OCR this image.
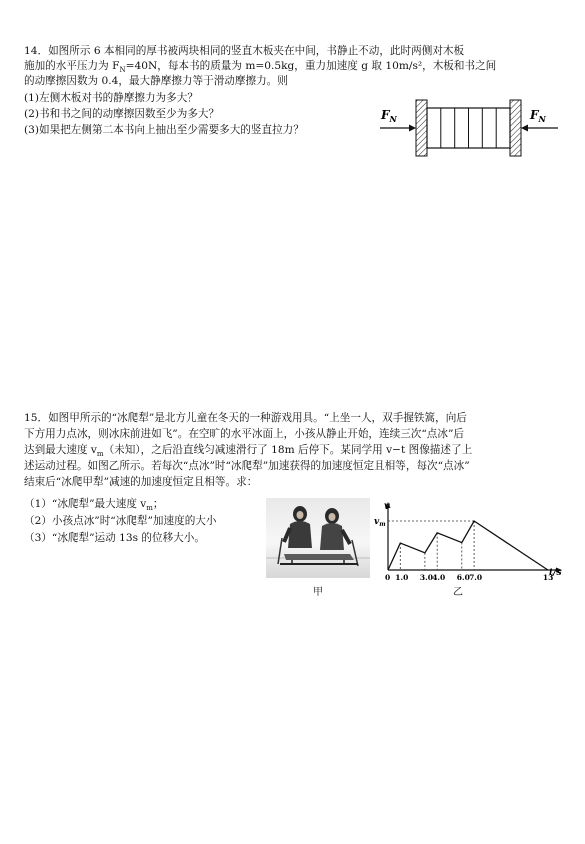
14．如图所示 6 本相同的厚书被两块相同的竖直木板夹在中间，书静止不动，此时两侧对木板
施加的水平压力为 $F_N=40N$，每本书的质量为 m=0.5kg，重力加速度 g 取 10m/s²，木板和书之间
的动摩擦因数为 0.4，最大静摩擦力等于滑动摩擦力。则
(1)左侧木板对书的静摩擦力为多大？
(2)书和书之间的动摩擦因数至少为多大？
(3)如果把左侧第二本书向上抽出至少需要多大的竖直拉力？
$F_N$	$F_N$
15．如图甲所示的“冰爬犁”是北方儿童在冬天的一种游戏用具。“上坐一人，双手握铁篙，向后
下方用力点冰，则冰床前进如飞”。在空旷的水平冰面上，小孩从静止开始，连续三次“点冰”后
达到最大速度 $v_m$（未知），之后沿直线匀减速滑行了 18m 后停下。某同学用 v−t 图像描述了上
述运动过程。如图乙所示。若每次“点冰”时“冰爬犁”加速获得的加速度恒定且相等，每次“点冰”
结束后“冰爬甲犁”减速的加速度恒定且相等。求：
（1）“冰爬犁”最大速度 $v_m$；
（2）小孩点冰”时“冰爬犁”加速度的大小
（3）“冰爬犁”运动 13s 的位移大小。
甲
0 1.0 3.0 4.0 6.0 7.0	13
v
$v_m$
t/s
乙
